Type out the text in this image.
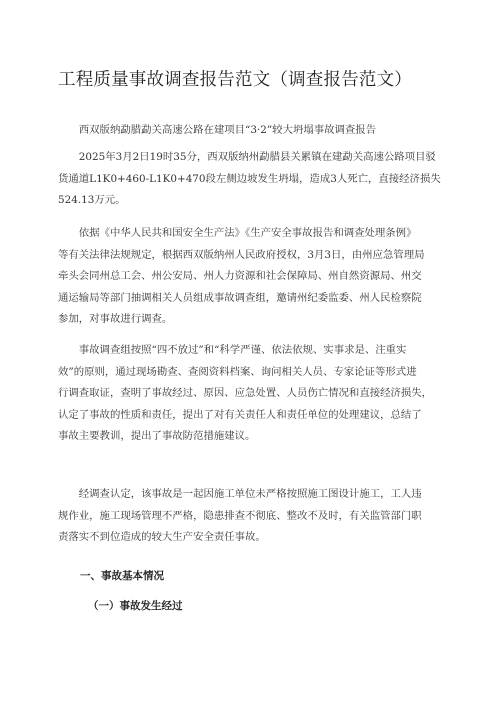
工程质量事故调查报告范文（调查报告范文）
　　西双版纳勐腊勐关高速公路在建项目“3·2”较大坍塌事故调查报告
　　2025年3月2日19时35分，西双版纳州勐腊县关累镇在建勐关高速公路项目驳
货通道L1K0+460-L1K0+470段左侧边坡发生坍塌，造成3人死亡，直接经济损失
524.13万元。
　　依据《中华人民共和国安全生产法》《生产安全事故报告和调查处理条例》
等有关法律法规规定，根据西双版纳州人民政府授权，3月3日，由州应急管理局
牵头会同州总工会、州公安局、州人力资源和社会保障局、州自然资源局、州交
通运输局等部门抽调相关人员组成事故调查组，邀请州纪委监委、州人民检察院
参加，对事故进行调查。
　　事故调查组按照“四不放过”和“科学严谨、依法依规、实事求是、注重实
效”的原则，通过现场勘查、查阅资料档案、询问相关人员、专家论证等形式进
行调查取证，查明了事故经过、原因、应急处置、人员伤亡情况和直接经济损失，
认定了事故的性质和责任，提出了对有关责任人和责任单位的处理建议，总结了
事故主要教训，提出了事故防范措施建议。
　　经调查认定，该事故是一起因施工单位未严格按照施工图设计施工，工人违
规作业，施工现场管理不严格，隐患排查不彻底、整改不及时，有关监管部门职
责落实不到位造成的较大生产安全责任事故。
一、事故基本情况
（一）事故发生经过
